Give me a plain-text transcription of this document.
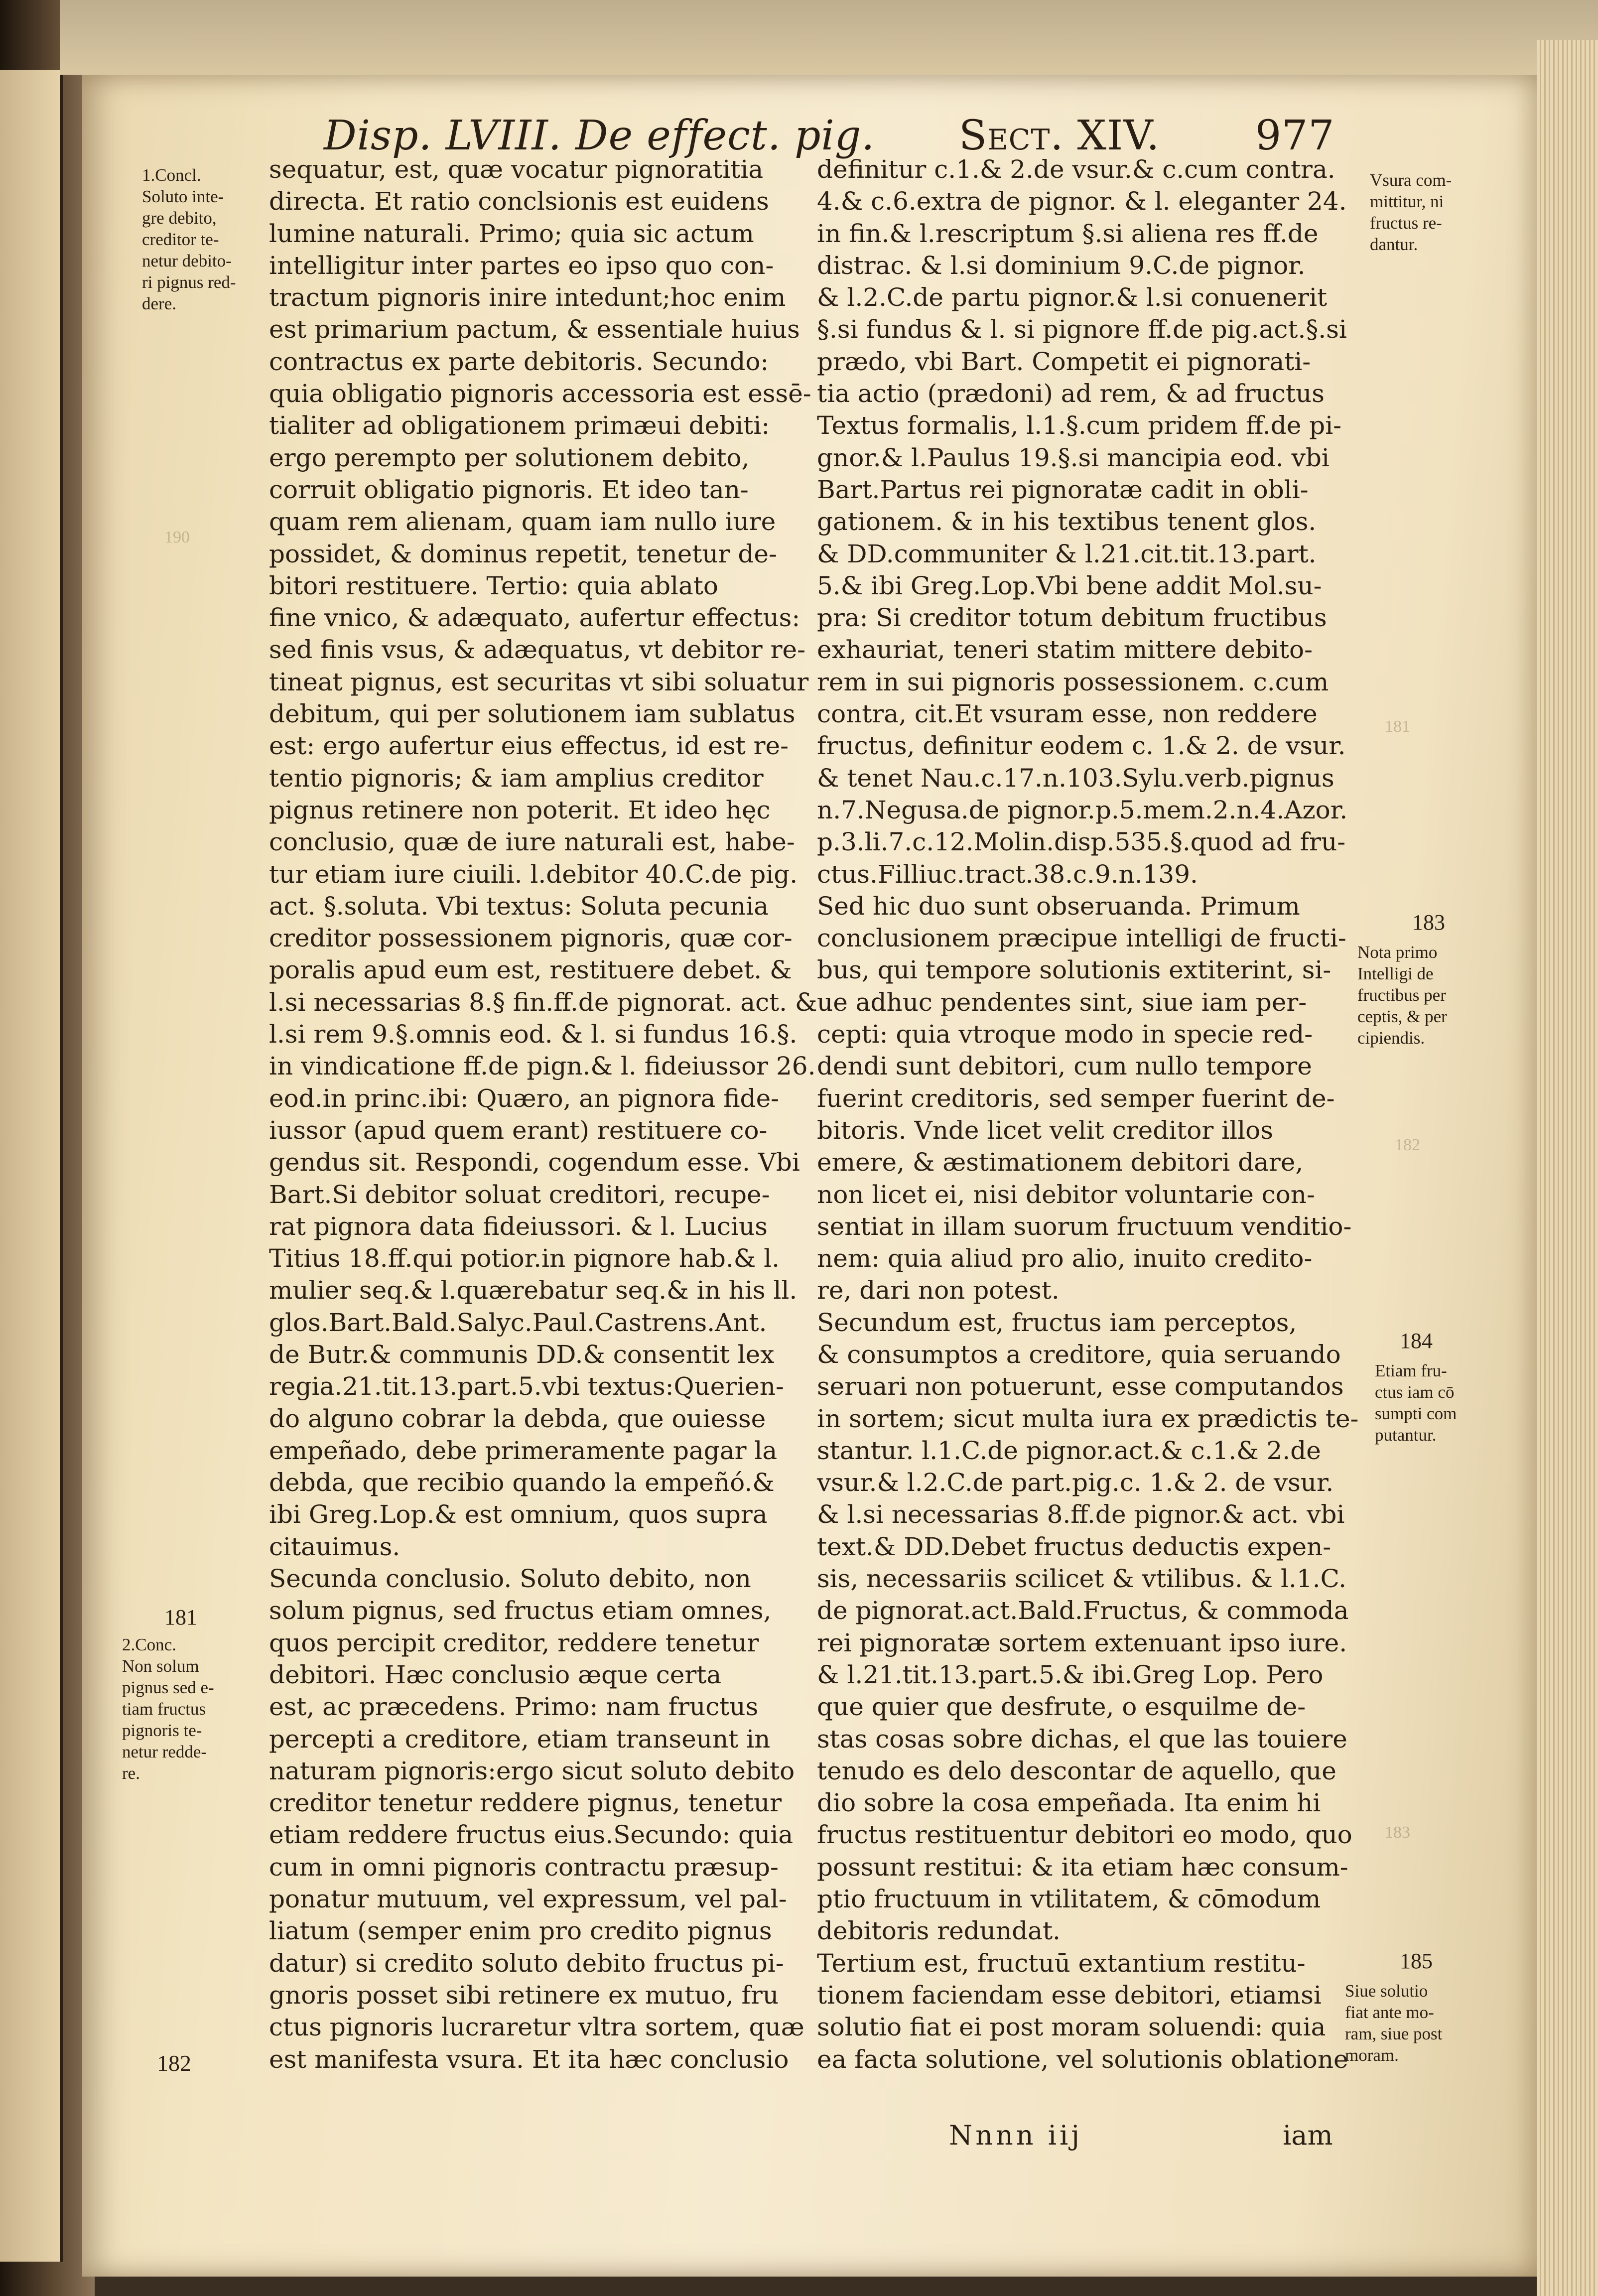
Disp. LVIII. De effect. pig. Sect. XIV. 977
sequatur, est, quæ vocatur pignoratitia
directa. Et ratio conclsionis est euidens
lumine naturali. Primo; quia sic actum
intelligitur inter partes eo ipso quo con-
tractum pignoris inire intedunt;hoc enim
est primarium pactum, & essentiale huius
contractus ex parte debitoris. Secundo:
quia obligatio pignoris accessoria est essē-
tialiter ad obligationem primæui debiti:
ergo perempto per solutionem debito,
corruit obligatio pignoris. Et ideo tan-
quam rem alienam, quam iam nullo iure
possidet, & dominus repetit, tenetur de-
bitori restituere. Tertio: quia ablato
fine vnico, & adæquato, aufertur effectus:
sed finis vsus, & adæquatus, vt debitor re-
tineat pignus, est securitas vt sibi soluatur
debitum, qui per solutionem iam sublatus
est: ergo aufertur eius effectus, id est re-
tentio pignoris; & iam amplius creditor
pignus retinere non poterit. Et ideo hęc
conclusio, quæ de iure naturali est, habe-
tur etiam iure ciuili. l.debitor 40.C.de pig.
act. §.soluta. Vbi textus: Soluta pecunia
creditor possessionem pignoris, quæ cor-
poralis apud eum est, restituere debet. &
l.si necessarias 8.§ fin.ff.de pignorat. act. &
l.si rem 9.§.omnis eod. & l. si fundus 16.§.
in vindicatione ff.de pign.& l. fideiussor 26.
eod.in princ.ibi: Quæro, an pignora fide-
iussor (apud quem erant) restituere co-
gendus sit. Respondi, cogendum esse. Vbi
Bart.Si debitor soluat creditori, recupe-
rat pignora data fideiussori. & l. Lucius
Titius 18.ff.qui potior.in pignore hab.& l.
mulier seq.& l.quærebatur seq.& in his ll.
glos.Bart.Bald.Salyc.Paul.Castrens.Ant.
de Butr.& communis DD.& consentit lex
regia.21.tit.13.part.5.vbi textus:Querien-
do alguno cobrar la debda, que ouiesse
empeñado, debe primeramente pagar la
debda, que recibio quando la empeñó.&
ibi Greg.Lop.& est omnium, quos supra
citauimus.
Secunda conclusio. Soluto debito, non
solum pignus, sed fructus etiam omnes,
quos percipit creditor, reddere tenetur
debitori. Hæc conclusio æque certa
est, ac præcedens. Primo: nam fructus
percepti a creditore, etiam transeunt in
naturam pignoris:ergo sicut soluto debito
creditor tenetur reddere pignus, tenetur
etiam reddere fructus eius.Secundo: quia
cum in omni pignoris contractu præsup-
ponatur mutuum, vel expressum, vel pal-
liatum (semper enim pro credito pignus
datur) si credito soluto debito fructus pi-
gnoris posset sibi retinere ex mutuo, fru
ctus pignoris lucraretur vltra sortem, quæ
est manifesta vsura. Et ita hæc conclusio
definitur c.1.& 2.de vsur.& c.cum contra.
4.& c.6.extra de pignor. & l. eleganter 24.
in fin.& l.rescriptum §.si aliena res ff.de
distrac. & l.si dominium 9.C.de pignor.
& l.2.C.de partu pignor.& l.si conuenerit
§.si fundus & l. si pignore ff.de pig.act.§.si
prædo, vbi Bart. Competit ei pignorati-
tia actio (prædoni) ad rem, & ad fructus
Textus formalis, l.1.§.cum pridem ff.de pi-
gnor.& l.Paulus 19.§.si mancipia eod. vbi
Bart.Partus rei pignoratæ cadit in obli-
gationem. & in his textibus tenent glos.
& DD.communiter & l.21.cit.tit.13.part.
5.& ibi Greg.Lop.Vbi bene addit Mol.su-
pra: Si creditor totum debitum fructibus
exhauriat, teneri statim mittere debito-
rem in sui pignoris possessionem. c.cum
contra, cit.Et vsuram esse, non reddere
fructus, definitur eodem c. 1.& 2. de vsur.
& tenet Nau.c.17.n.103.Sylu.verb.pignus
n.7.Negusa.de pignor.p.5.mem.2.n.4.Azor.
p.3.li.7.c.12.Molin.disp.535.§.quod ad fru-
ctus.Filliuc.tract.38.c.9.n.139.
Sed hic duo sunt obseruanda. Primum
conclusionem præcipue intelligi de fructi-
bus, qui tempore solutionis extiterint, si-
ue adhuc pendentes sint, siue iam per-
cepti: quia vtroque modo in specie red-
dendi sunt debitori, cum nullo tempore
fuerint creditoris, sed semper fuerint de-
bitoris. Vnde licet velit creditor illos
emere, & æstimationem debitori dare,
non licet ei, nisi debitor voluntarie con-
sentiat in illam suorum fructuum venditio-
nem: quia aliud pro alio, inuito credito-
re, dari non potest.
Secundum est, fructus iam perceptos,
& consumptos a creditore, quia seruando
seruari non potuerunt, esse computandos
in sortem; sicut multa iura ex prædictis te-
stantur. l.1.C.de pignor.act.& c.1.& 2.de
vsur.& l.2.C.de part.pig.c. 1.& 2. de vsur.
& l.si necessarias 8.ff.de pignor.& act. vbi
text.& DD.Debet fructus deductis expen-
sis, necessariis scilicet & vtilibus. & l.1.C.
de pignorat.act.Bald.Fructus, & commoda
rei pignoratæ sortem extenuant ipso iure.
& l.21.tit.13.part.5.& ibi.Greg Lop. Pero
que quier que desfrute, o esquilme de-
stas cosas sobre dichas, el que las touiere
tenudo es delo descontar de aquello, que
dio sobre la cosa empeñada. Ita enim hi
fructus restituentur debitori eo modo, quo
possunt restitui: & ita etiam hæc consum-
ptio fructuum in vtilitatem, & cōmodum
debitoris redundat.
Tertium est, fructuū extantium restitu-
tionem faciendam esse debitori, etiamsi
solutio fiat ei post moram soluendi: quia
ea facta solutione, vel solutionis oblatione
1.Concl.
Soluto inte-
gre debito,
creditor te-
netur debito-
ri pignus red-
dere.
181
2.Conc.
Non solum
pignus sed e-
tiam fructus
pignoris te-
netur redde-
re.
182
Vsura com-
mittitur, ni
fructus re-
dantur.
183
Nota primo
Intelligi de
fructibus per
ceptis, & per
cipiendis.
184
Etiam fru-
ctus iam cō
sumpti com
putantur.
185
Siue solutio
fiat ante mo-
ram, siue post
moram.
190
181
182
183
Nnnn iij	iam
